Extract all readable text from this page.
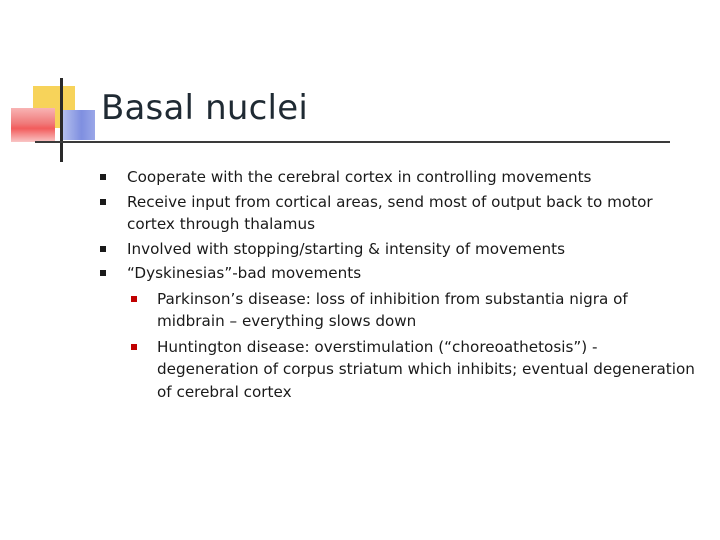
Basal nuclei
Cooperate with the cerebral cortex in controlling movements
Receive input from cortical areas, send most of output back to motor cortex through thalamus
Involved with stopping/starting & intensity of movements
“Dyskinesias”-bad movements
Parkinson’s disease: loss of inhibition from substantia nigra of midbrain – everything slows down
Huntington disease: overstimulation (“choreoathetosis”) - degeneration of corpus striatum which inhibits; eventual degeneration of cerebral cortex
